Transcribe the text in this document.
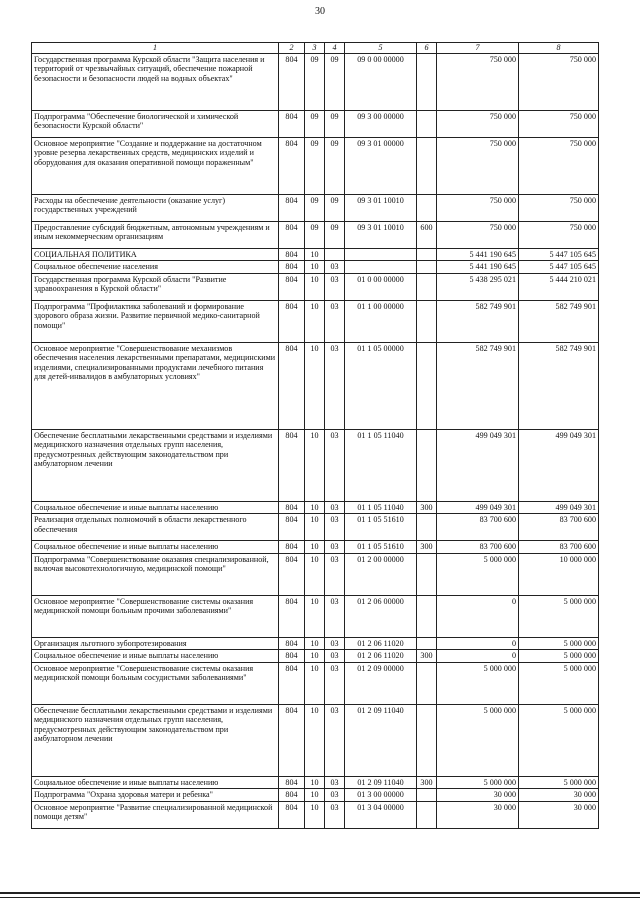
30
1	2	3	4	5	6	7	8
Государственная программа Курской области "Защита населения и территорий от чрезвычайных ситуаций, обеспечение пожарной безопасности и безопасности людей на водных объектах"	804	09	09	09 0 00 00000		750 000	750 000
Подпрограмма "Обеспечение биологической и химической безопасности Курской области"	804	09	09	09 3 00 00000		750 000	750 000
Основное мероприятие "Создание и поддержание на достаточном уровне резерва лекарственных средств, медицинских изделий и оборудования для оказания оперативной помощи пораженным"	804	09	09	09 3 01 00000		750 000	750 000
Расходы на обеспечение деятельности (оказание услуг) государственных учреждений	804	09	09	09 3 01 10010		750 000	750 000
Предоставление субсидий бюджетным, автономным учреждениям и иным некоммерческим организациям	804	09	09	09 3 01 10010	600	750 000	750 000
СОЦИАЛЬНАЯ ПОЛИТИКА	804	10				5 441 190 645	5 447 105 645
Социальное обеспечение населения	804	10	03			5 441 190 645	5 447 105 645
Государственная программа Курской области "Развитие здравоохранения в Курской области"	804	10	03	01 0 00 00000		5 438 295 021	5 444 210 021
Подпрограмма "Профилактика заболеваний и формирование здорового образа жизни. Развитие первичной медико-санитарной помощи"	804	10	03	01 1 00 00000		582 749 901	582 749 901
Основное мероприятие "Совершенствование механизмов обеспечения населения лекарственными препаратами, медицинскими изделиями, специализированными продуктами лечебного питания для детей-инвалидов в амбулаторных условиях"	804	10	03	01 1 05 00000		582 749 901	582 749 901
Обеспечение бесплатными лекарственными средствами и изделиями медицинского назначения отдельных групп населения, предусмотренных действующим законодательством при амбулаторном лечении	804	10	03	01 1 05 11040		499 049 301	499 049 301
Социальное обеспечение и иные выплаты населению	804	10	03	01 1 05 11040	300	499 049 301	499 049 301
Реализация отдельных полномочий в области лекарственного обеспечения	804	10	03	01 1 05 51610		83 700 600	83 700 600
Социальное обеспечение и иные выплаты населению	804	10	03	01 1 05 51610	300	83 700 600	83 700 600
Подпрограмма "Совершенствование оказания специализированной, включая высокотехнологичную, медицинской помощи"	804	10	03	01 2 00 00000		5 000 000	10 000 000
Основное мероприятие "Совершенствование системы оказания медицинской помощи больным прочими заболеваниями"	804	10	03	01 2 06 00000		0	5 000 000
Организация льготного зубопротезирования	804	10	03	01 2 06 11020		0	5 000 000
Социальное обеспечение и иные выплаты населению	804	10	03	01 2 06 11020	300	0	5 000 000
Основное мероприятие "Совершенствование системы оказания медицинской помощи больным сосудистыми заболеваниями"	804	10	03	01 2 09 00000		5 000 000	5 000 000
Обеспечение бесплатными лекарственными средствами и изделиями медицинского назначения отдельных групп населения, предусмотренных действующим законодательством при амбулаторном лечении	804	10	03	01 2 09 11040		5 000 000	5 000 000
Социальное обеспечение и иные выплаты населению	804	10	03	01 2 09 11040	300	5 000 000	5 000 000
Подпрограмма "Охрана здоровья матери и ребенка"	804	10	03	01 3 00 00000		30 000	30 000
Основное мероприятие "Развитие специализированной медицинской помощи детям"	804	10	03	01 3 04 00000		30 000	30 000
